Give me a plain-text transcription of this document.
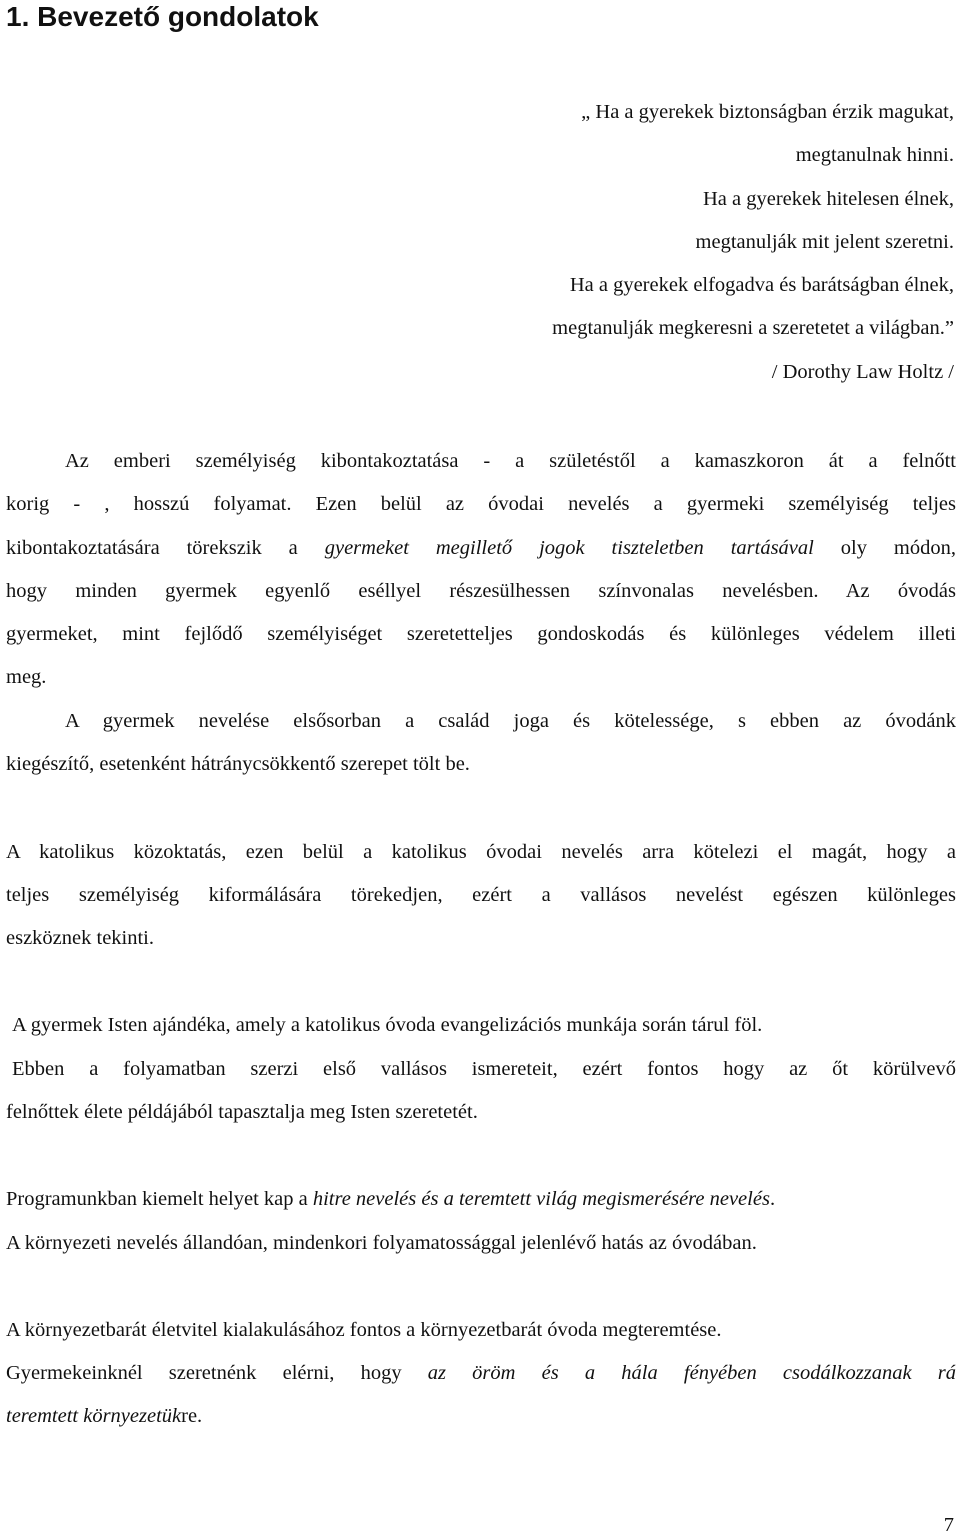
1. Bevezető gondolatok
„ Ha a gyerekek biztonságban érzik magukat,
megtanulnak hinni.
Ha a gyerekek hitelesen élnek,
megtanulják mit jelent szeretni.
Ha a gyerekek elfogadva és barátságban élnek,
megtanulják megkeresni a szeretetet a világban.”
/ Dorothy Law Holtz /
Az emberi személyiség kibontakoztatása - a születéstől a kamaszkoron át a felnőtt
korig - , hosszú folyamat. Ezen belül az óvodai nevelés a gyermeki személyiség teljes
kibontakoztatására törekszik a gyermeket megillető jogok tiszteletben tartásával oly módon,
hogy minden gyermek egyenlő eséllyel részesülhessen színvonalas nevelésben. Az óvodás
gyermeket, mint fejlődő személyiséget szeretetteljes gondoskodás és különleges védelem illeti
meg.
A gyermek nevelése elsősorban a család joga és kötelessége, s ebben az óvodánk
kiegészítő, esetenként hátránycsökkentő szerepet tölt be.
A katolikus közoktatás, ezen belül a katolikus óvodai nevelés arra kötelezi el magát, hogy a
teljes személyiség kiformálására törekedjen, ezért a vallásos nevelést egészen különleges
eszköznek tekinti.
A gyermek Isten ajándéka, amely a katolikus óvoda evangelizációs munkája során tárul föl.
Ebben a folyamatban szerzi első vallásos ismereteit, ezért fontos hogy az őt körülvevő
felnőttek élete példájából tapasztalja meg Isten szeretetét.
Programunkban kiemelt helyet kap a hitre nevelés és a teremtett világ megismerésére nevelés.
A környezeti nevelés állandóan, mindenkori folyamatossággal jelenlévő hatás az óvodában.
A környezetbarát életvitel kialakulásához fontos a környezetbarát óvoda megteremtése.
Gyermekeinknél szeretnénk elérni, hogy az öröm és a hála fényében csodálkozzanak rá
teremtett környezetükre.
7
